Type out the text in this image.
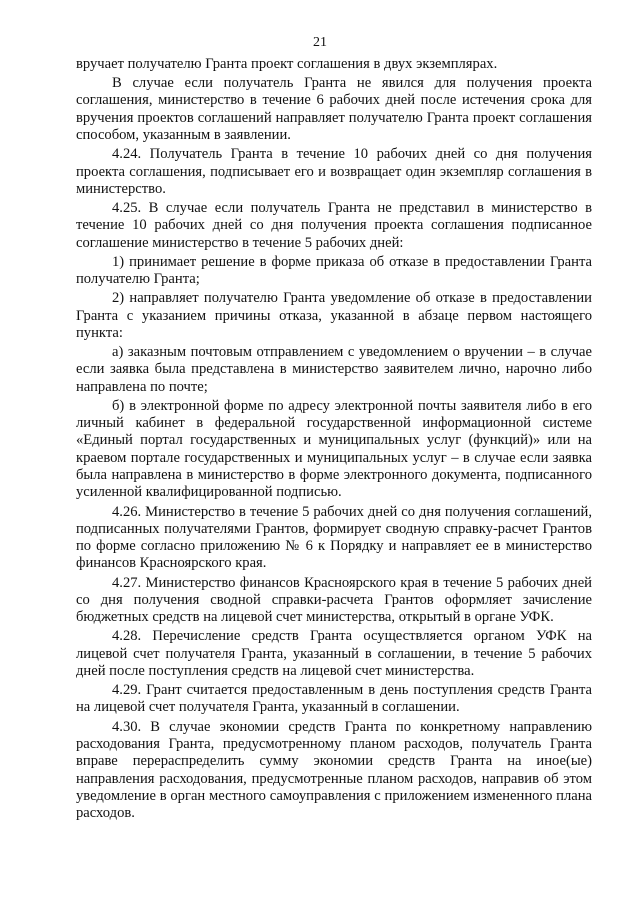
21

вручает получателю Гранта проект соглашения в двух экземплярах.

В случае если получатель Гранта не явился для получения проекта соглашения, министерство в течение 6 рабочих дней после истечения срока для вручения проектов соглашений направляет получателю Гранта проект соглашения способом, указанным в заявлении.

4.24. Получатель Гранта в течение 10 рабочих дней со дня получения проекта соглашения, подписывает его и возвращает один экземпляр соглашения в министерство.

4.25. В случае если получатель Гранта не представил в министерство в течение 10 рабочих дней со дня получения проекта соглашения подписанное соглашение министерство в течение 5 рабочих дней:

1) принимает решение в форме приказа об отказе в предоставлении Гранта получателю Гранта;

2) направляет получателю Гранта уведомление об отказе в предоставлении Гранта с указанием причины отказа, указанной в абзаце первом настоящего пункта:

а) заказным почтовым отправлением с уведомлением о вручении – в случае если заявка была представлена в министерство заявителем лично, нарочно либо направлена по почте;

б) в электронной форме по адресу электронной почты заявителя либо в его личный кабинет в федеральной государственной информационной системе «Единый портал государственных и муниципальных услуг (функций)» или на краевом портале государственных и муниципальных услуг – в случае если заявка была направлена в министерство в форме электронного документа, подписанного усиленной квалифицированной подписью.

4.26. Министерство в течение 5 рабочих дней со дня получения соглашений, подписанных получателями Грантов, формирует сводную справку-расчет Грантов по форме согласно приложению № 6 к Порядку и направляет ее в министерство финансов Красноярского края.

4.27. Министерство финансов Красноярского края в течение 5 рабочих дней со дня получения сводной справки-расчета Грантов оформляет зачисление бюджетных средств на лицевой счет министерства, открытый в органе УФК.

4.28. Перечисление средств Гранта осуществляется органом УФК на лицевой счет получателя Гранта, указанный в соглашении, в течение 5 рабочих дней после поступления средств на лицевой счет министерства.

4.29. Грант считается предоставленным в день поступления средств Гранта на лицевой счет получателя Гранта, указанный в соглашении.

4.30. В случае экономии средств Гранта по конкретному направлению расходования Гранта, предусмотренному планом расходов, получатель Гранта вправе перераспределить сумму экономии средств Гранта на иное(ые) направления расходования, предусмотренные планом расходов, направив об этом уведомление в орган местного самоуправления с приложением измененного плана расходов.
